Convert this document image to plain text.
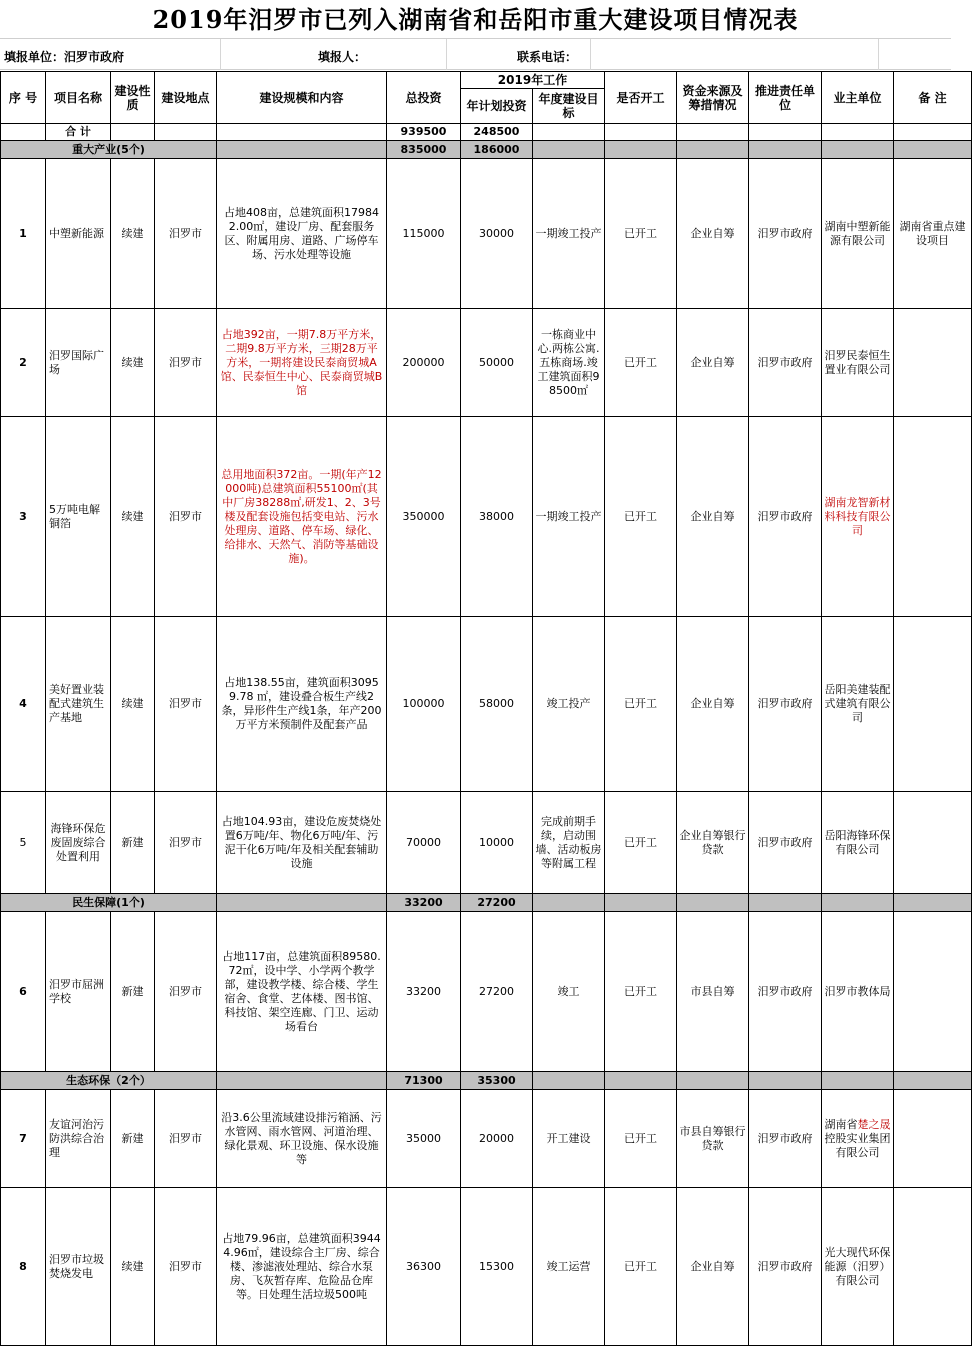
2019年汨罗市已列入湖南省和岳阳市重大建设项目情况表
填报单位：汨罗市政府	填报人：	联系电话：
序 号	项目名称	建设性质	建设地点	建设规模和内容	总投资	2019年工作		是否开工	资金来源及筹措情况	推进责任单位	业主单位	备 注
						年计划投资	年度建设目标					
	合 计				939500	248500						
重大产业(5个)					835000	186000						
1	中塑新能源	续建	汨罗市	占地408亩，总建筑面积179842.00㎡，建设厂房、配套服务区、附属用房、道路、广场停车场、污水处理等设施	115000	30000	一期竣工投产	已开工	企业自筹	汨罗市政府	湖南中塑新能源有限公司	湖南省重点建设项目
2	汨罗国际广场	续建	汨罗市	占地392亩，一期7.8万平方米，二期9.8万平方米，三期28万平方米，一期将建设民泰商贸城A馆、民泰恒生中心、民泰商贸城B馆	200000	50000	一栋商业中心.两栋公寓.五栋商场.竣工建筑面积98500㎡	已开工	企业自筹	汨罗市政府	汨罗民泰恒生置业有限公司	
3	5万吨电解铜箔	续建	汨罗市	总用地面积372亩。一期(年产12000吨)总建筑面积55100㎡(其中厂房38288㎡,研发1、2、3号楼及配套设施包括变电站、污水处理房、道路、停车场、绿化、给排水、天然气、消防等基础设施)。	350000	38000	一期竣工投产	已开工	企业自筹	汨罗市政府	湖南龙智新材料科技有限公司	
4	美好置业装配式建筑生产基地	续建	汨罗市	占地138.55亩，建筑面积30959.78 ㎡，建设叠合板生产线2条，异形件生产线1条，年产200万平方米预制件及配套产品	100000	58000	竣工投产	已开工	企业自筹	汨罗市政府	岳阳美建装配式建筑有限公司	
5	海锋环保危废固废综合处置利用	新建	汨罗市	占地104.93亩，建设危废焚烧处置6万吨/年、物化6万吨/年、污泥干化6万吨/年及相关配套辅助设施	70000	10000	完成前期手续，启动围墙、活动板房等附属工程	已开工	企业自筹银行贷款	汨罗市政府	岳阳海锋环保有限公司	
民生保障(1个)					33200	27200						
6	汨罗市屈洲学校	新建	汨罗市	占地117亩，总建筑面积89580.72㎡，设中学、小学两个教学部，建设教学楼、综合楼、学生宿舍、食堂、艺体楼、图书馆、科技馆、架空连廊、门卫、运动场看台	33200	27200	竣工	已开工	市县自筹	汨罗市政府	汨罗市教体局	
生态环保（2个）					71300	35300						
7	友谊河治污防洪综合治理	新建	汨罗市	沿3.6公里流域建设排污箱涵、污水管网、雨水管网、河道治理、绿化景观、环卫设施、保水设施等	35000	20000	开工建设	已开工	市县自筹银行贷款	汨罗市政府	湖南省楚之晟控股实业集团有限公司	
8	汨罗市垃圾焚烧发电	续建	汨罗市	占地79.96亩，总建筑面积39444.96㎡，建设综合主厂房、综合楼、渗滤液处理站、综合水泵房、飞灰暂存库、危险品仓库等。日处理生活垃圾500吨	36300	15300	竣工运营	已开工	企业自筹	汨罗市政府	光大现代环保能源（汨罗）有限公司	
